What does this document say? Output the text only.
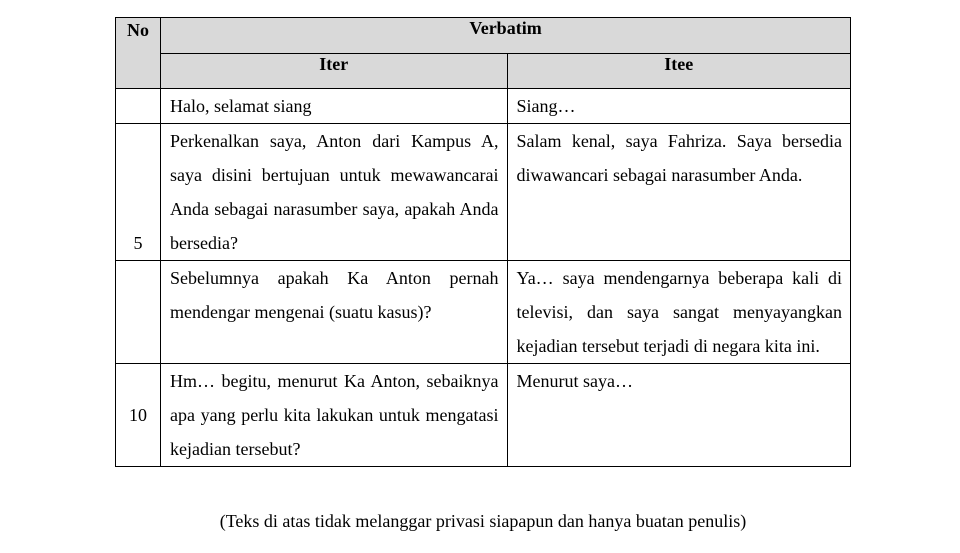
No	Verbatim	
	Iter	Itee
	Halo, selamat siang	Siang…
5	Perkenalkan saya, Anton dari Kampus A, saya disini bertujuan untuk mewawancarai Anda sebagai narasumber saya, apakah Anda bersedia?	Salam kenal, saya Fahriza. Saya bersedia diwawancari sebagai narasumber Anda.
	Sebelumnya apakah Ka Anton pernah mendengar mengenai (suatu kasus)?	Ya… saya mendengarnya beberapa kali di televisi, dan saya sangat menyayangkan kejadian tersebut terjadi di negara kita ini.
10	Hm… begitu, menurut Ka Anton, sebaiknya apa yang perlu kita lakukan untuk mengatasi kejadian tersebut?	Menurut saya…
(Teks di atas tidak melanggar privasi siapapun dan hanya buatan penulis)
